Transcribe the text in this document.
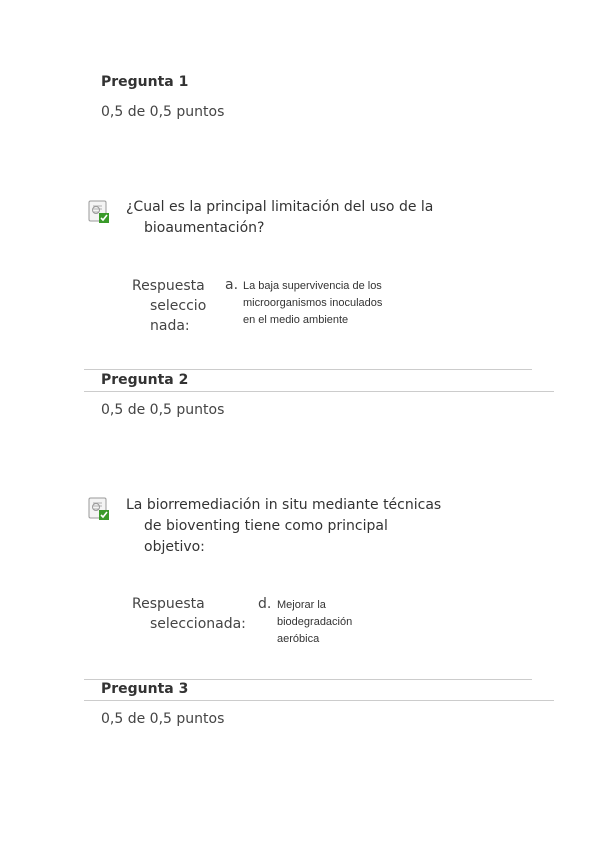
Pregunta 1
0,5 de 0,5 puntos
¿Cual es la principal limitación del uso de la
bioaumentación?
Respuesta
seleccio
nada:
a. La baja supervivencia de los
microorganismos inoculados
en el medio ambiente
Pregunta 2
0,5 de 0,5 puntos
La biorremediación in situ mediante técnicas
de bioventing tiene como principal
objetivo:
Respuesta
seleccionada:
d. Mejorar la
biodegradación
aeróbica
Pregunta 3
0,5 de 0,5 puntos
